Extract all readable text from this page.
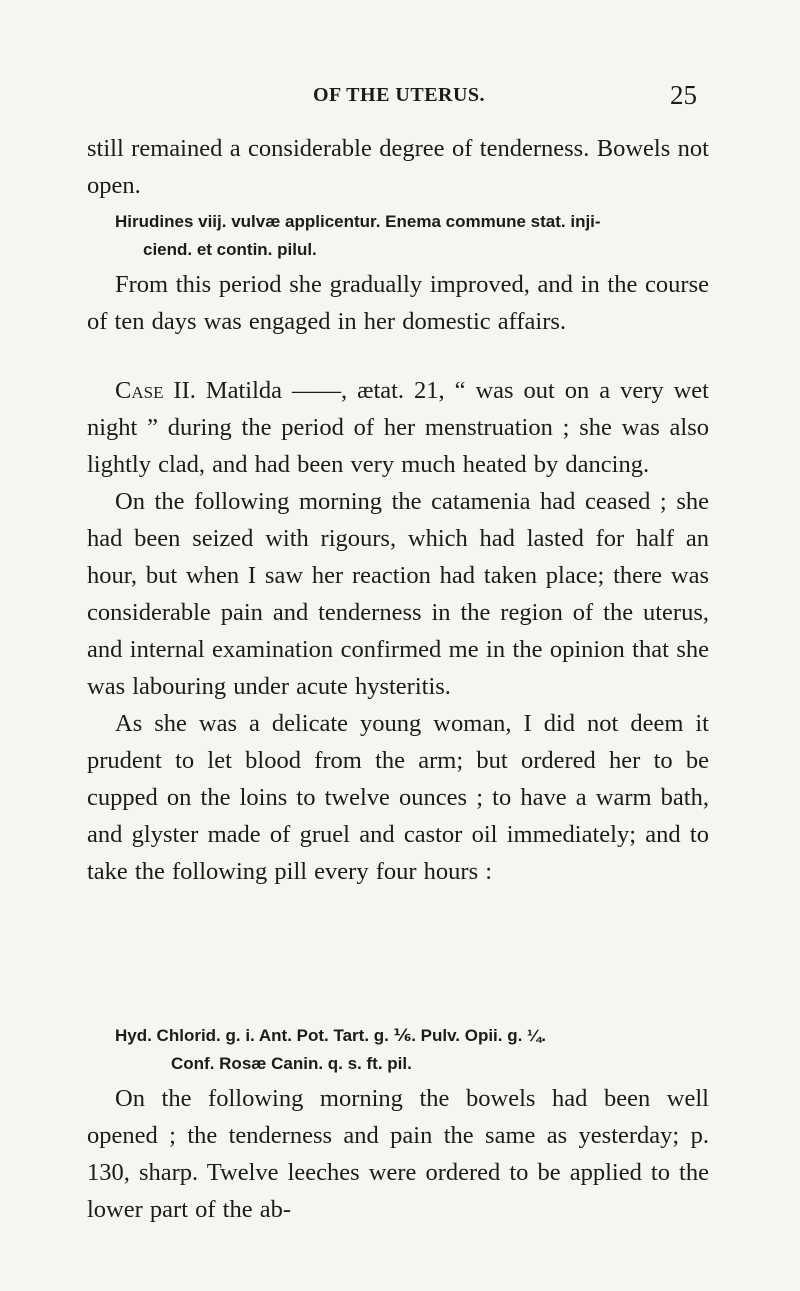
OF THE UTERUS.	25

still remained a considerable degree of tenderness. Bowels not open.

Hirudines viij. vulvæ applicentur. Enema commune stat. inji-
ciend. et contin. pilul.

From this period she gradually improved, and in the course of ten days was engaged in her domestic affairs.

Case II. Matilda ——, ætat. 21, “ was out on a very wet night ” during the period of her menstruation ; she was also lightly clad, and had been very much heated by dancing.

On the following morning the catamenia had ceased ; she had been seized with rigours, which had lasted for half an hour, but when I saw her reaction had taken place; there was considerable pain and tenderness in the region of the uterus, and internal examination confirmed me in the opinion that she was labouring under acute hysteritis.

As she was a delicate young woman, I did not deem it prudent to let blood from the arm; but ordered her to be cupped on the loins to twelve ounces ; to have a warm bath, and glyster made of gruel and castor oil immediately; and to take the following pill every four hours :

Hyd. Chlorid. g. i. Ant. Pot. Tart. g. ⅙. Pulv. Opii. g. ¼.
Conf. Rosæ Canin. q. s. ft. pil.

On the following morning the bowels had been well opened ; the tenderness and pain the same as yesterday; p. 130, sharp. Twelve leeches were ordered to be applied to the lower part of the ab-
